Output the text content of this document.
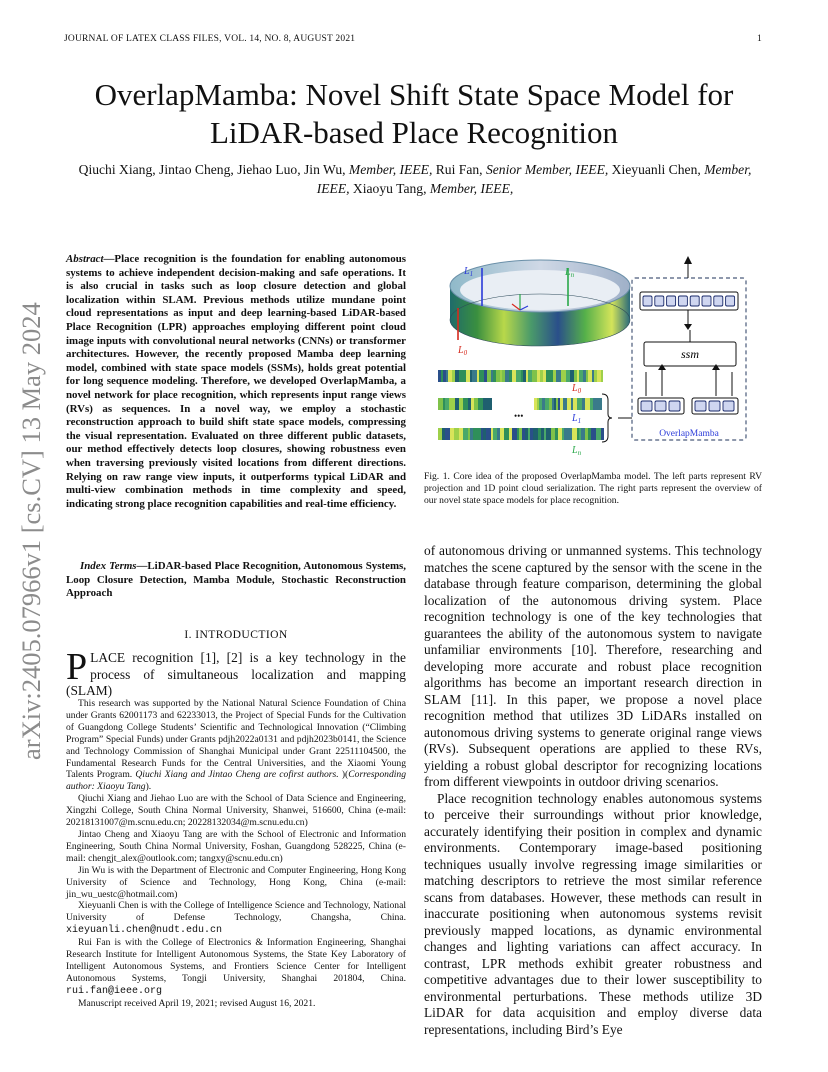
JOURNAL OF LATEX CLASS FILES, VOL. 14, NO. 8, AUGUST 2021	1
OverlapMamba: Novel Shift State Space Model for LiDAR-based Place Recognition
Qiuchi Xiang, Jintao Cheng, Jiehao Luo, Jin Wu, Member, IEEE, Rui Fan, Senior Member, IEEE, Xieyuanli Chen, Member, IEEE, Xiaoyu Tang, Member, IEEE,
arXiv:2405.07966v1 [cs.CV] 13 May 2024
Abstract—Place recognition is the foundation for enabling autonomous systems to achieve independent decision-making and safe operations. It is also crucial in tasks such as loop closure detection and global localization within SLAM. Previous methods utilize mundane point cloud representations as input and deep learning-based LiDAR-based Place Recognition (LPR) approaches employing different point cloud image inputs with convolutional neural networks (CNNs) or transformer architectures. However, the recently proposed Mamba deep learning model, combined with state space models (SSMs), holds great potential for long sequence modeling. Therefore, we developed OverlapMamba, a novel network for place recognition, which represents input range views (RVs) as sequences. In a novel way, we employ a stochastic reconstruction approach to build shift state space models, compressing the visual representation. Evaluated on three different public datasets, our method effectively detects loop closures, showing robustness even when traversing previously visited locations from different directions. Relying on raw range view inputs, it outperforms typical LiDAR and multi-view combination methods in time complexity and speed, indicating strong place recognition capabilities and real-time efficiency.
Index Terms—LiDAR-based Place Recognition, Autonomous Systems, Loop Closure Detection, Mamba Module, Stochastic Reconstruction Approach
I. INTRODUCTION
PLACE recognition [1], [2] is a key technology in the process of simultaneous localization and mapping (SLAM)

This research was supported by the National Natural Science Foundation of China under Grants 62001173 and 62233013, the Project of Special Funds for the Cultivation of Guangdong College Students’ Scientific and Technological Innovation (“Climbing Program” Special Funds) under Grants pdjh2022a0131 and pdjh2023b0141, the Science and Technology Commission of Shanghai Municipal under Grant 22511104500, the Fundamental Research Funds for the Central Universities, and the Xiaomi Young Talents Program. Qiuchi Xiang and Jintao Cheng are cofirst authors. )(Corresponding author: Xiaoyu Tang).

Qiuchi Xiang and Jiehao Luo are with the School of Data Science and Engineering, Xingzhi College, South China Normal University, Shanwei, 516600, China (e-mail: 20218131007@m.scnu.edu.cn; 20228132034@m.scnu.edu.cn)

Jintao Cheng and Xiaoyu Tang are with the School of Electronic and Information Engineering, South China Normal University, Foshan, Guangdong 528225, China (e-mail: chengjt_alex@outlook.com; tangxy@scnu.edu.cn)

Jin Wu is with the Department of Electronic and Computer Engineering, Hong Kong University of Science and Technology, Hong Kong, China (e-mail: jin_wu_uestc@hotmail.com)

Xieyuanli Chen is with the College of Intelligence Science and Technology, National University of Defense Technology, Changsha, China. xieyuanli.chen@nudt.edu.cn

Rui Fan is with the College of Electronics & Information Engineering, Shanghai Research Institute for Intelligent Autonomous Systems, the State Key Laboratory of Intelligent Autonomous Systems, and Frontiers Science Center for Intelligent Autonomous Systems, Tongji University, Shanghai 201804, China. rui.fan@ieee.org

Manuscript received April 19, 2021; revised August 16, 2021.

$L_1$	$L_n$
$L_0$
•••
$L_0$
$L_1$
$L_n$
ssm
OverlapMamba
Fig. 1. Core idea of the proposed OverlapMamba model. The left parts represent RV projection and 1D point cloud serialization. The right parts represent the overview of our novel state space models for place recognition.

of autonomous driving or unmanned systems. This technology matches the scene captured by the sensor with the scene in the database through feature comparison, determining the global localization of the autonomous driving system. Place recognition technology is one of the key technologies that guarantees the ability of the autonomous system to navigate unfamiliar environments [10]. Therefore, researching and developing more accurate and robust place recognition algorithms has become an important research direction in SLAM [11]. In this paper, we propose a novel place recognition method that utilizes 3D LiDARs installed on autonomous driving systems to generate original range views (RVs). Subsequent operations are applied to these RVs, yielding a robust global descriptor for recognizing locations from different viewpoints in outdoor driving scenarios.

Place recognition technology enables autonomous systems to perceive their surroundings without prior knowledge, accurately identifying their position in complex and dynamic environments. Contemporary image-based positioning techniques usually involve regressing image similarities or matching descriptors to retrieve the most similar reference scans from databases. However, these methods can result in inaccurate positioning when autonomous systems revisit previously mapped locations, as dynamic environmental changes and lighting variations can affect accuracy. In contrast, LPR methods exhibit greater robustness and competitive advantages due to their lower susceptibility to environmental perturbations. These methods utilize 3D LiDAR for data acquisition and employ diverse data representations, including Bird’s Eye
